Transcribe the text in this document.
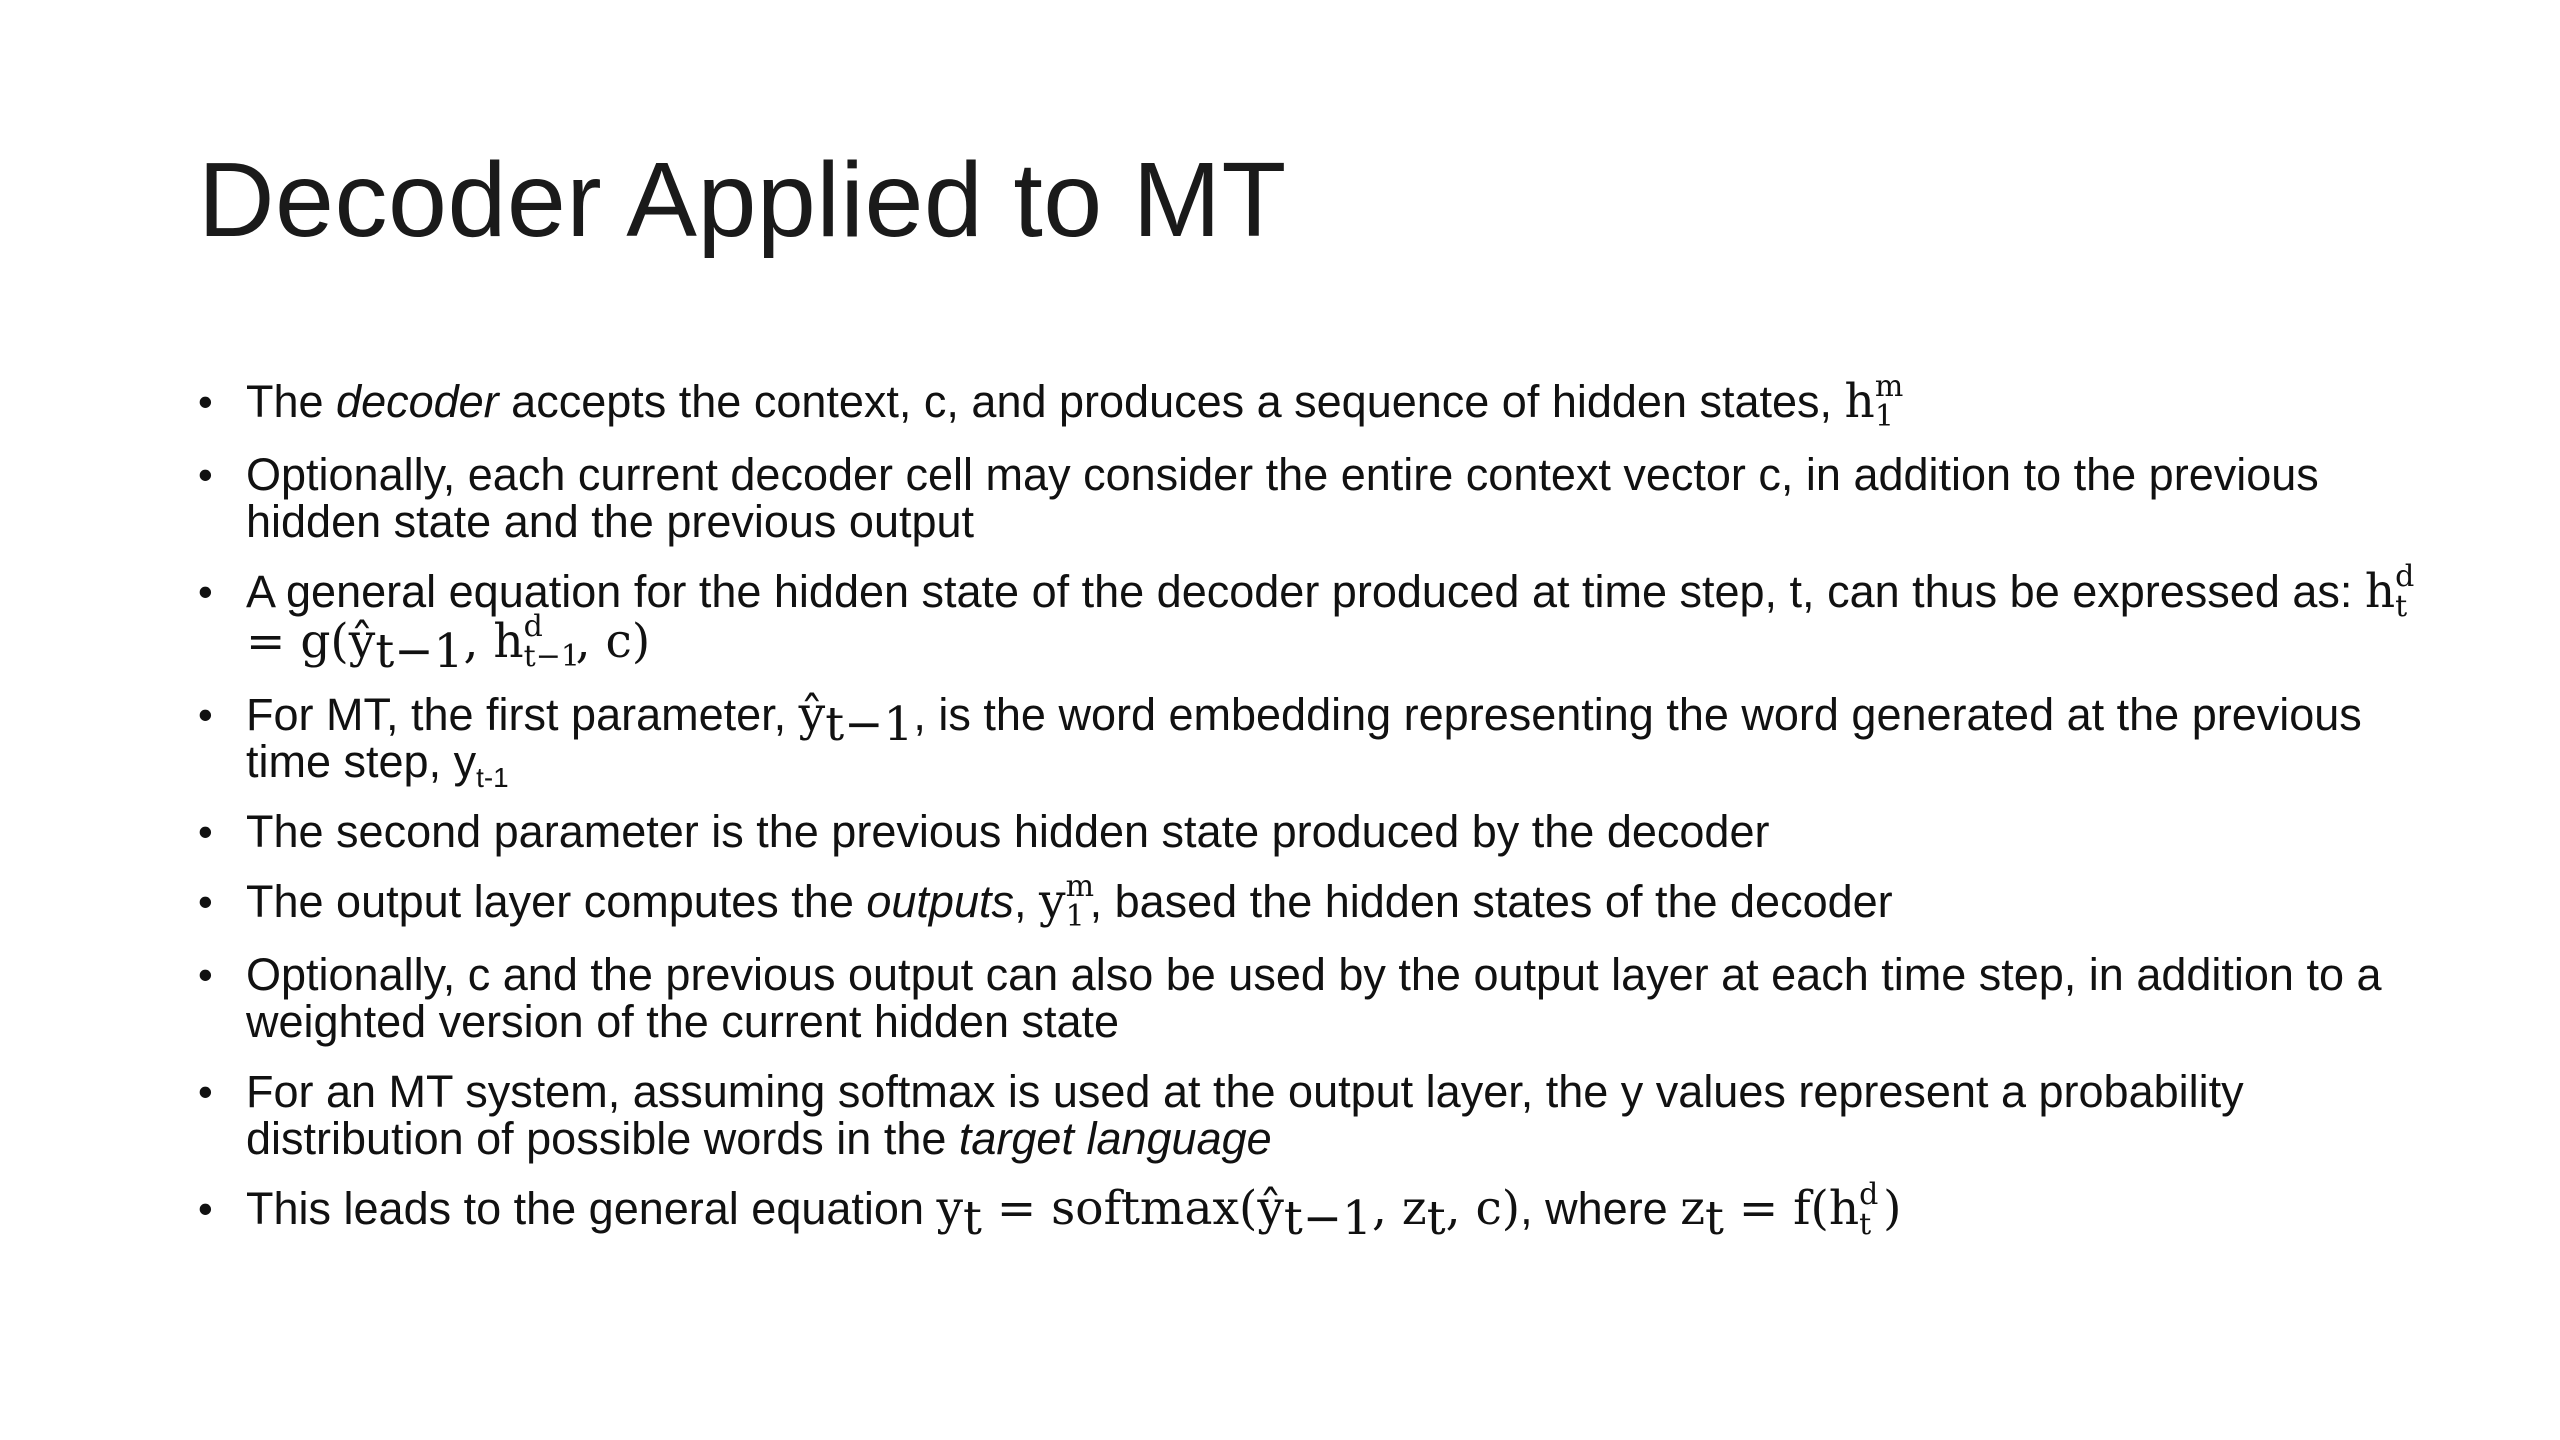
Decoder Applied to MT
• The decoder accepts the context, c, and produces a sequence of hidden states, h m
1
• Optionally, each current decoder cell may consider the entire context vector c, in addition to the previous hidden state and the previous output
• A general equation for the hidden state of the decoder produced at time step, t, can thus be expressed as: h d
t
= $g(ŷ_{t-1}$, h d
t−1
, c)
• For MT, the first parameter, $ŷ_{t-1}$, is the word embedding representing the word generated at the previous time step, $y_{t-1}$
• The second parameter is the previous hidden state produced by the decoder
• The output layer computes the outputs, y m
1 , based the hidden states of the decoder
• Optionally, c and the previous output can also be used by the output layer at each time step, in addition to a weighted version of the current hidden state
• For an MT system, assuming softmax is used at the output layer, the y values represent a probability distribution of possible words in the target language
• This leads to the general equation $y_t$ = $softmax(ŷ_{t-1}$, $z_t$, c), where $z_t = f(h$ d
t )
